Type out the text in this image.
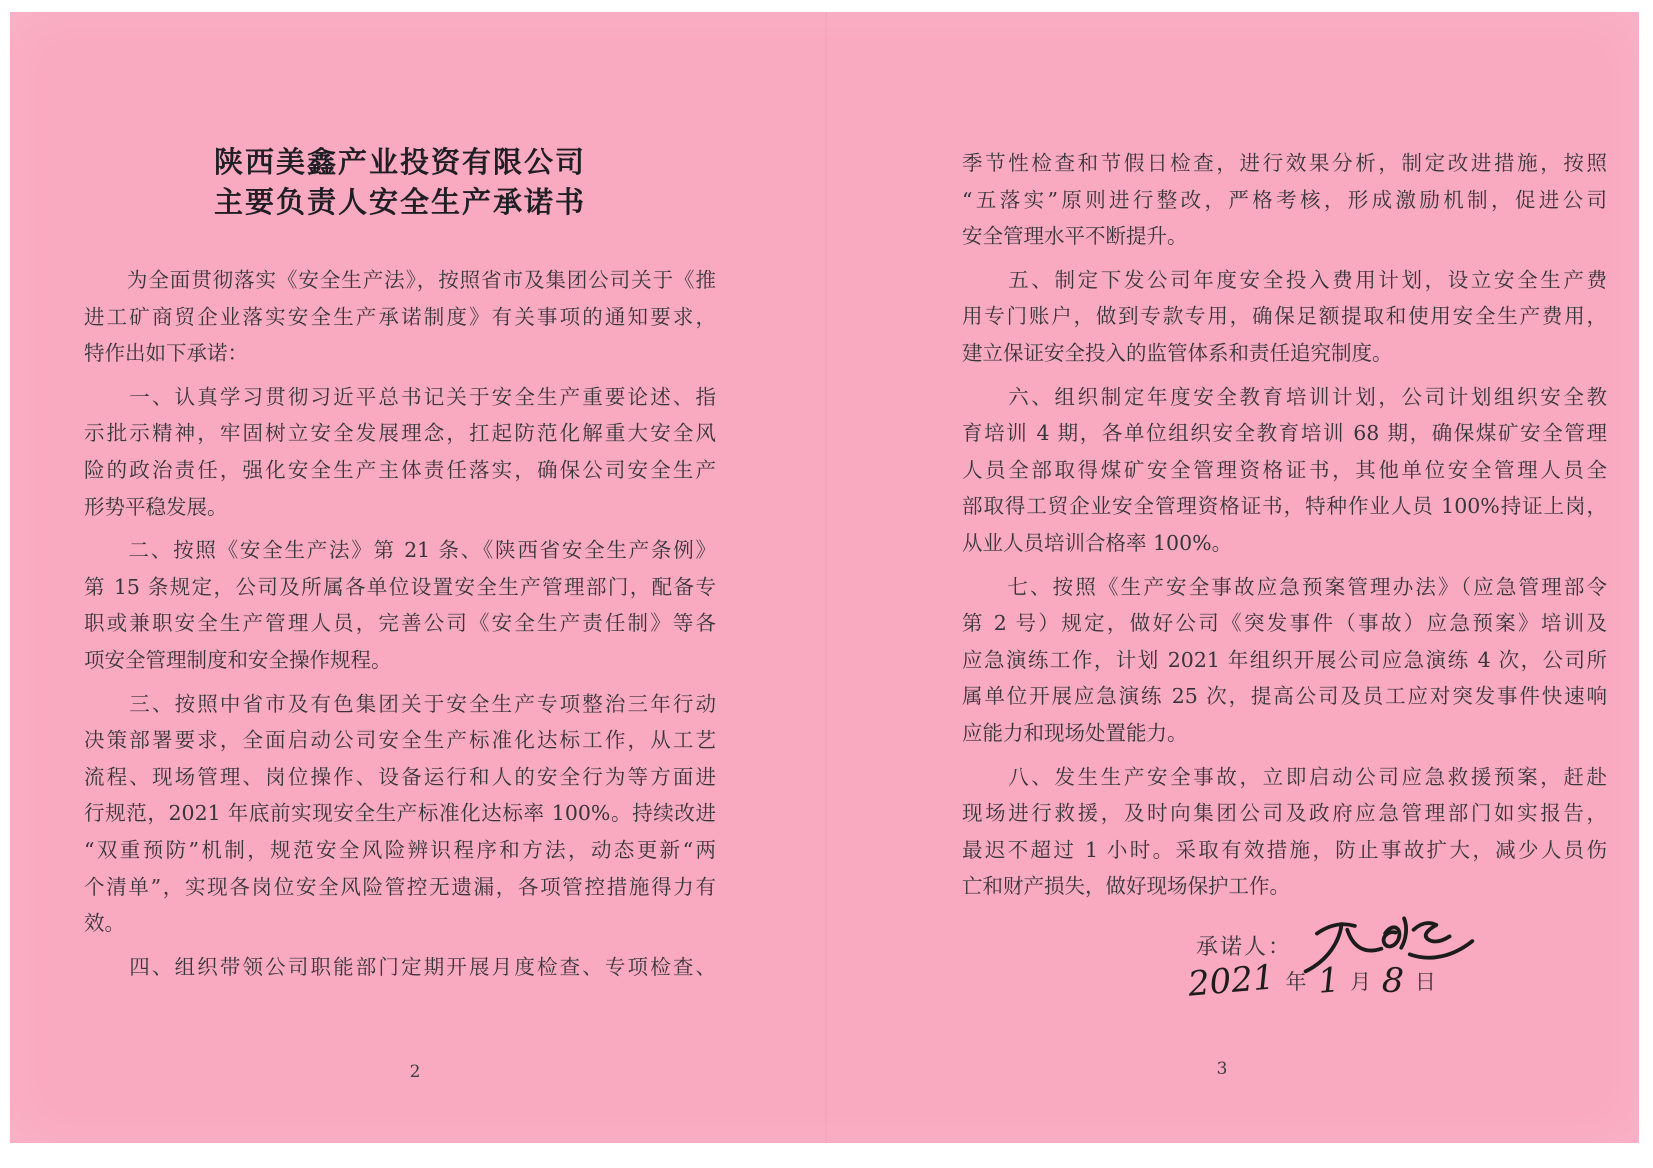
陕西美鑫产业投资有限公司
主要负责人安全生产承诺书
　　为全面贯彻落实《安全生产法》，按照省市及集团公司关于《推
进工矿商贸企业落实安全生产承诺制度》有关事项的通知要求，
特作出如下承诺：
　　一、认真学习贯彻习近平总书记关于安全生产重要论述、指
示批示精神，牢固树立安全发展理念，扛起防范化解重大安全风
险的政治责任，强化安全生产主体责任落实，确保公司安全生产
形势平稳发展。
　　二、按照《安全生产法》第 21 条、《陕西省安全生产条例》
第 15 条规定，公司及所属各单位设置安全生产管理部门，配备专
职或兼职安全生产管理人员，完善公司《安全生产责任制》等各
项安全管理制度和安全操作规程。
　　三、按照中省市及有色集团关于安全生产专项整治三年行动
决策部署要求，全面启动公司安全生产标准化达标工作，从工艺
流程、现场管理、岗位操作、设备运行和人的安全行为等方面进
行规范，2021 年底前实现安全生产标准化达标率 100%。持续改进
“双重预防”机制，规范安全风险辨识程序和方法，动态更新“两
个清单”，实现各岗位安全风险管控无遗漏，各项管控措施得力有
效。
　　四、组织带领公司职能部门定期开展月度检查、专项检查、
2
季节性检查和节假日检查，进行效果分析，制定改进措施，按照
“五落实”原则进行整改，严格考核，形成激励机制，促进公司
安全管理水平不断提升。
　　五、制定下发公司年度安全投入费用计划，设立安全生产费
用专门账户，做到专款专用，确保足额提取和使用安全生产费用，
建立保证安全投入的监管体系和责任追究制度。
　　六、组织制定年度安全教育培训计划，公司计划组织安全教
育培训 4 期，各单位组织安全教育培训 68 期，确保煤矿安全管理
人员全部取得煤矿安全管理资格证书，其他单位安全管理人员全
部取得工贸企业安全管理资格证书，特种作业人员 100%持证上岗，
从业人员培训合格率 100%。
　　七、按照《生产安全事故应急预案管理办法》（应急管理部令
第 2 号）规定，做好公司《突发事件（事故）应急预案》培训及
应急演练工作，计划 2021 年组织开展公司应急演练 4 次，公司所
属单位开展应急演练 25 次，提高公司及员工应对突发事件快速响
应能力和现场处置能力。
　　八、发生生产安全事故，立即启动公司应急救援预案，赶赴
现场进行救援，及时向集团公司及政府应急管理部门如实报告，
最迟不超过 1 小时。采取有效措施，防止事故扩大，减少人员伤
亡和财产损失，做好现场保护工作。
承诺人：
2021 年 1 月 8 日
3
